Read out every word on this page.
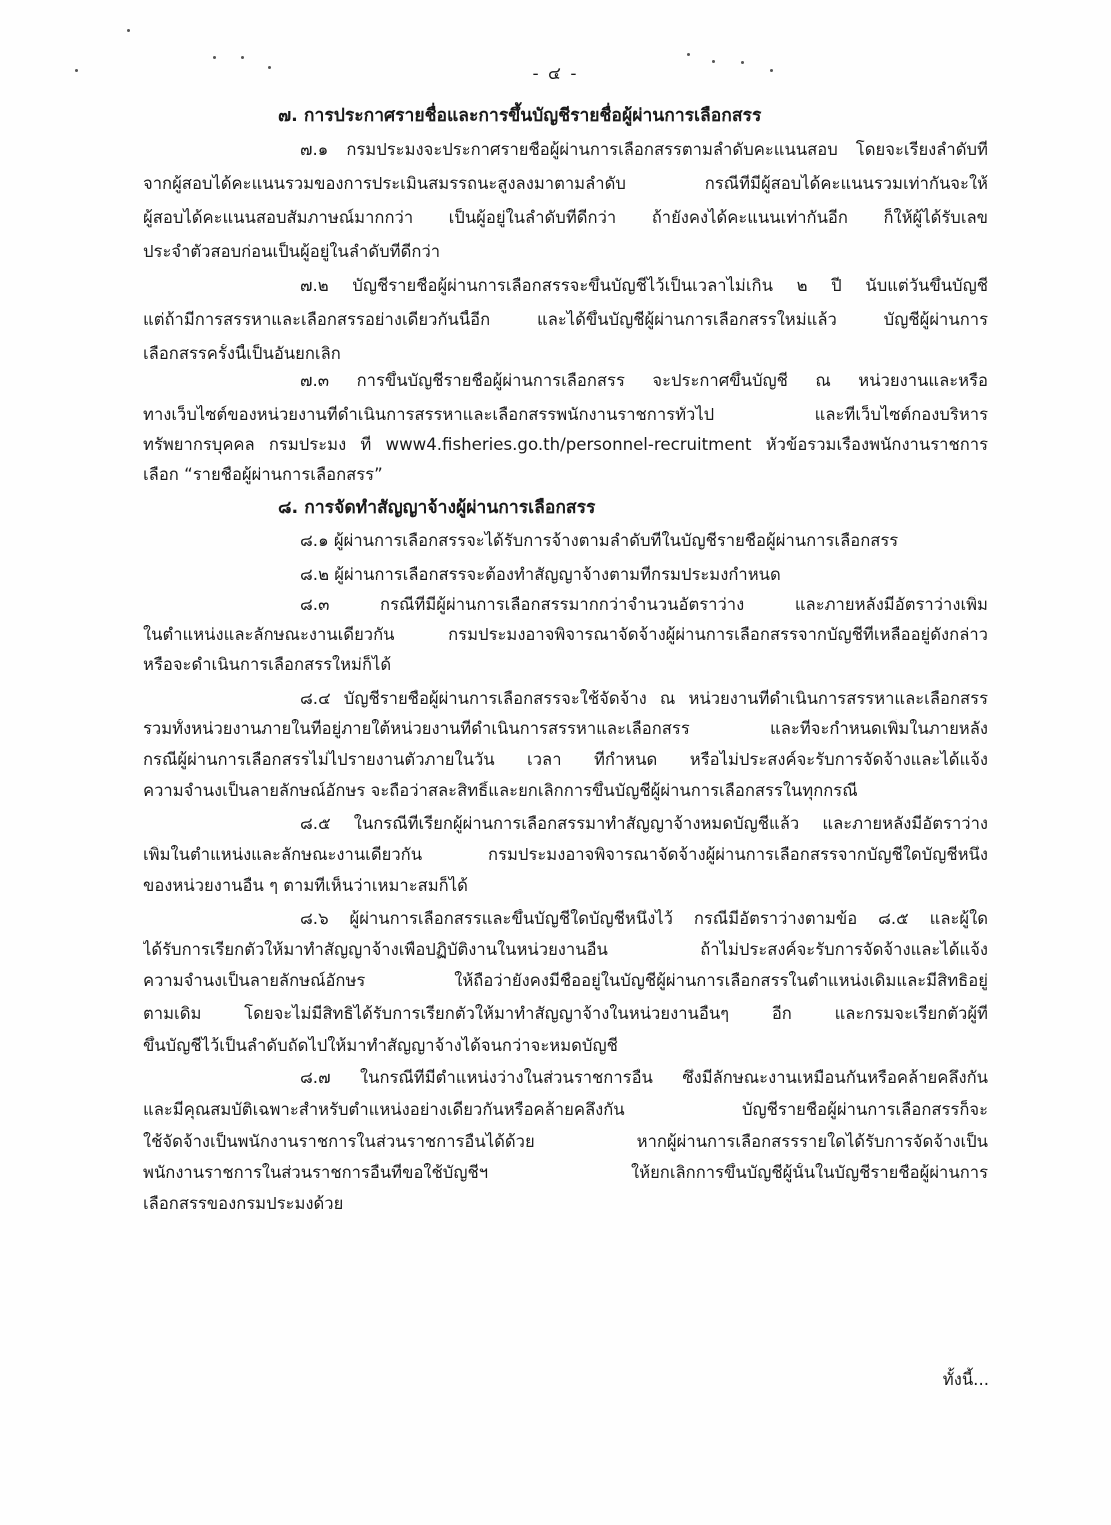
- ๔ -
๗. การประกาศรายชื่อและการขึ้นบัญชีรายชื่อผู้ผ่านการเลือกสรร
๗.๑ กรมประมงจะประกาศรายชื่อผู้ผ่านการเลือกสรรตามลำดับคะแนนสอบ โดยจะเรียงลำดับที่
จากผู้สอบได้คะแนนรวมของการประเมินสมรรถนะสูงลงมาตามลำดับ กรณีที่มีผู้สอบได้คะแนนรวมเท่ากันจะให้
ผู้สอบได้คะแนนสอบสัมภาษณ์มากกว่า เป็นผู้อยู่ในลำดับที่ดีกว่า ถ้ายังคงได้คะแนนเท่ากันอีก ก็ให้ผู้ได้รับเลข
ประจำตัวสอบก่อนเป็นผู้อยู่ในลำดับที่ดีกว่า
๗.๒ บัญชีรายชื่อผู้ผ่านการเลือกสรรจะขึ้นบัญชีไว้เป็นเวลาไม่เกิน ๒ ปี นับแต่วันขึ้นบัญชี
แต่ถ้ามีการสรรหาและเลือกสรรอย่างเดียวกันนี้อีก และได้ขึ้นบัญชีผู้ผ่านการเลือกสรรใหม่แล้ว บัญชีผู้ผ่านการ
เลือกสรรครั้งนี้เป็นอันยกเลิก
๗.๓ การขึ้นบัญชีรายชื่อผู้ผ่านการเลือกสรร จะประกาศขึ้นบัญชี ณ หน่วยงานและหรือ
ทางเว็บไซต์ของหน่วยงานที่ดำเนินการสรรหาและเลือกสรรพนักงานราชการทั่วไป และที่เว็บไซต์กองบริหาร
ทรัพยากรบุคคล กรมประมง ที่ www4.fisheries.go.th/personnel-recruitment หัวข้อรวมเรื่องพนักงานราชการ
เลือก “รายชื่อผู้ผ่านการเลือกสรร”
๘. การจัดทำสัญญาจ้างผู้ผ่านการเลือกสรร
๘.๑ ผู้ผ่านการเลือกสรรจะได้รับการจ้างตามลำดับที่ในบัญชีรายชื่อผู้ผ่านการเลือกสรร
๘.๒ ผู้ผ่านการเลือกสรรจะต้องทำสัญญาจ้างตามที่กรมประมงกำหนด
๘.๓ กรณีที่มีผู้ผ่านการเลือกสรรมากกว่าจำนวนอัตราว่าง และภายหลังมีอัตราว่างเพิ่ม
ในตำแหน่งและลักษณะงานเดียวกัน กรมประมงอาจพิจารณาจัดจ้างผู้ผ่านการเลือกสรรจากบัญชีที่เหลืออยู่ดังกล่าว
หรือจะดำเนินการเลือกสรรใหม่ก็ได้
๘.๔ บัญชีรายชื่อผู้ผ่านการเลือกสรรจะใช้จัดจ้าง ณ หน่วยงานที่ดำเนินการสรรหาและเลือกสรร
รวมทั้งหน่วยงานภายในที่อยู่ภายใต้หน่วยงานที่ดำเนินการสรรหาและเลือกสรร และที่จะกำหนดเพิ่มในภายหลัง
กรณีผู้ผ่านการเลือกสรรไม่ไปรายงานตัวภายในวัน เวลา ที่กำหนด หรือไม่ประสงค์จะรับการจัดจ้างและได้แจ้ง
ความจำนงเป็นลายลักษณ์อักษร จะถือว่าสละสิทธิ์และยกเลิกการขึ้นบัญชีผู้ผ่านการเลือกสรรในทุกกรณี
๘.๕ ในกรณีที่เรียกผู้ผ่านการเลือกสรรมาทำสัญญาจ้างหมดบัญชีแล้ว และภายหลังมีอัตราว่าง
เพิ่มในตำแหน่งและลักษณะงานเดียวกัน กรมประมงอาจพิจารณาจัดจ้างผู้ผ่านการเลือกสรรจากบัญชีใดบัญชีหนึ่ง
ของหน่วยงานอื่น ๆ ตามที่เห็นว่าเหมาะสมก็ได้
๘.๖ ผู้ผ่านการเลือกสรรและขึ้นบัญชีใดบัญชีหนึ่งไว้ กรณีมีอัตราว่างตามข้อ ๘.๕ และผู้ใด
ได้รับการเรียกตัวให้มาทำสัญญาจ้างเพื่อปฏิบัติงานในหน่วยงานอื่น ถ้าไม่ประสงค์จะรับการจัดจ้างและได้แจ้ง
ความจำนงเป็นลายลักษณ์อักษร ให้ถือว่ายังคงมีชื่ออยู่ในบัญชีผู้ผ่านการเลือกสรรในตำแหน่งเดิมและมีสิทธิอยู่
ตามเดิม โดยจะไม่มีสิทธิได้รับการเรียกตัวให้มาทำสัญญาจ้างในหน่วยงานอื่นๆ อีก และกรมจะเรียกตัวผู้ที่
ขึ้นบัญชีไว้เป็นลำดับถัดไปให้มาทำสัญญาจ้างได้จนกว่าจะหมดบัญชี
๘.๗ ในกรณีที่มีตำแหน่งว่างในส่วนราชการอื่น ซึ่งมีลักษณะงานเหมือนกันหรือคล้ายคลึงกัน
และมีคุณสมบัติเฉพาะสำหรับตำแหน่งอย่างเดียวกันหรือคล้ายคลึงกัน บัญชีรายชื่อผู้ผ่านการเลือกสรรก็จะ
ใช้จัดจ้างเป็นพนักงานราชการในส่วนราชการอื่นได้ด้วย หากผู้ผ่านการเลือกสรรรายใดได้รับการจัดจ้างเป็น
พนักงานราชการในส่วนราชการอื่นที่ขอใช้บัญชีฯ ให้ยกเลิกการขึ้นบัญชีผู้นั้นในบัญชีรายชื่อผู้ผ่านการ
เลือกสรรของกรมประมงด้วย
ทั้งนี้...
